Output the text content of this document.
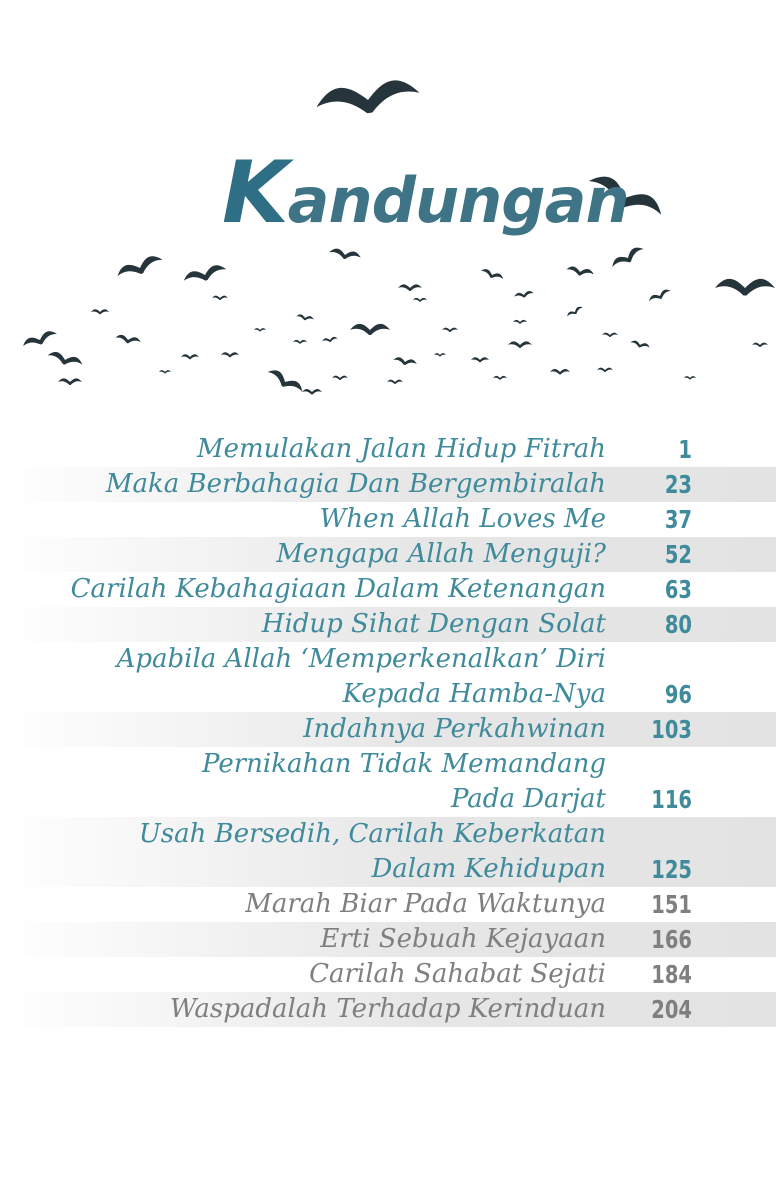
Kandungan
Memulakan Jalan Hidup Fitrah	1
Maka Berbahagia Dan Bergembiralah	23
When Allah Loves Me	37
Mengapa Allah Menguji?	52
Carilah Kebahagiaan Dalam Ketenangan	63
Hidup Sihat Dengan Solat	80
Apabila Allah ‘Memperkenalkan’ Diri
Kepada Hamba-Nya	96
Indahnya Perkahwinan	103
Pernikahan Tidak Memandang
Pada Darjat	116
Usah Bersedih, Carilah Keberkatan
Dalam Kehidupan	125
Marah Biar Pada Waktunya	151
Erti Sebuah Kejayaan	166
Carilah Sahabat Sejati	184
Waspadalah Terhadap Kerinduan	204
